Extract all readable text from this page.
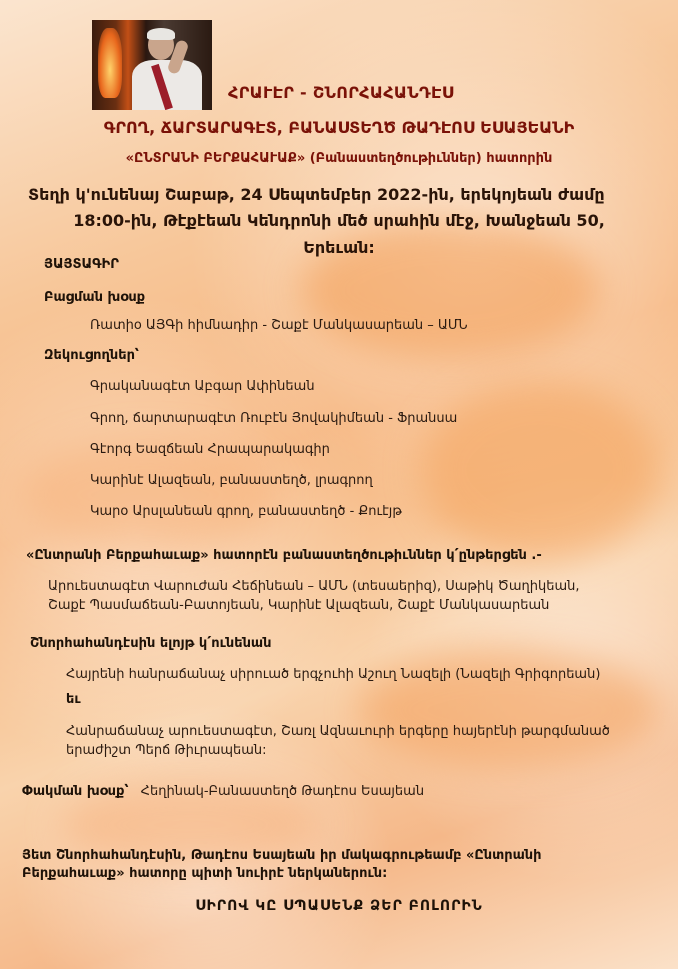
ՀՐԱՒԷՐ - ՇՆՈՐՀԱՀԱՆԴԷՍ
ԳՐՈՂ, ՃԱՐՏԱՐԱԳԷՏ, ԲԱՆԱՍՏԵՂԾ ԹԱԴԷՈՍ ԵՍԱՅԵԱՆԻ
«ԸՆՏՐԱՆԻ ԲԵՐՔԱՀԱՒԱՔ» (Բանաստեղծութիւններ) հատորին
Տեղի կ'ունենայ Շաբաթ, 24 Սեպտեմբեր 2022-ին, երեկոյեան ժամը
18:00-ին, Թէքէեան Կենդրոնի մեծ սրահին մէջ, Խանջեան 50,
Երեւան:
ՅԱՅՏԱԳԻՐ
Բացման խօսք
Ռատիօ ԱՅԳի հիմնադիր - Շաքէ Մանկասարեան – ԱՄՆ
Զեկուցողներ՝
Գրականագէտ Աբգար Ափինեան
Գրող, ճարտարագէտ Ռուբէն Յովակիմեան - Ֆրանսա
Գէորգ Եազճեան Հրապարակագիր
Կարինէ Ալազեան, բանաստեղծ, լրագրող
Կարօ Արսլանեան գրող, բանաստեղծ - Քուէյթ
«Ընտրանի Բերքահաւաք» հատորէն բանաստեղծութիւններ կ՛ընթերցեն .-
Արուեստագէտ Վարուժան Հեճինեան – ԱՄՆ (տեսաերիզ), Սաթիկ Ծաղիկեան,
Շաքէ Պասմաճեան-Բատոյեան, Կարինէ Ալազեան, Շաքէ Մանկասարեան
Շնորհահանդէսին ելոյթ կ՛ունենան
Հայրենի հանրաճանաչ սիրուած երգչուհի Աշուղ Նազելի (Նազելի Գրիգորեան)
եւ
Հանրաճանաչ արուեստագէտ, Շառլ Ազնաւուրի երգերը հայերէնի թարգմանած
երաժիշտ Պերճ Թիւրապեան:
Փակման խօսք՝ Հեղինակ-Բանաստեղծ Թադէոս Եսայեան
Յետ Շնորհահանդէսին, Թադէոս Եսայեան իր մակագրութեամբ «Ընտրանի
Բերքահաւաք» հատորը պիտի նուիրէ ներկաներուն:
ՍԻՐՈՎ ԿԸ ՍՊԱՍԵՆՔ ՁԵՐ ԲՈԼՈՐԻՆ
